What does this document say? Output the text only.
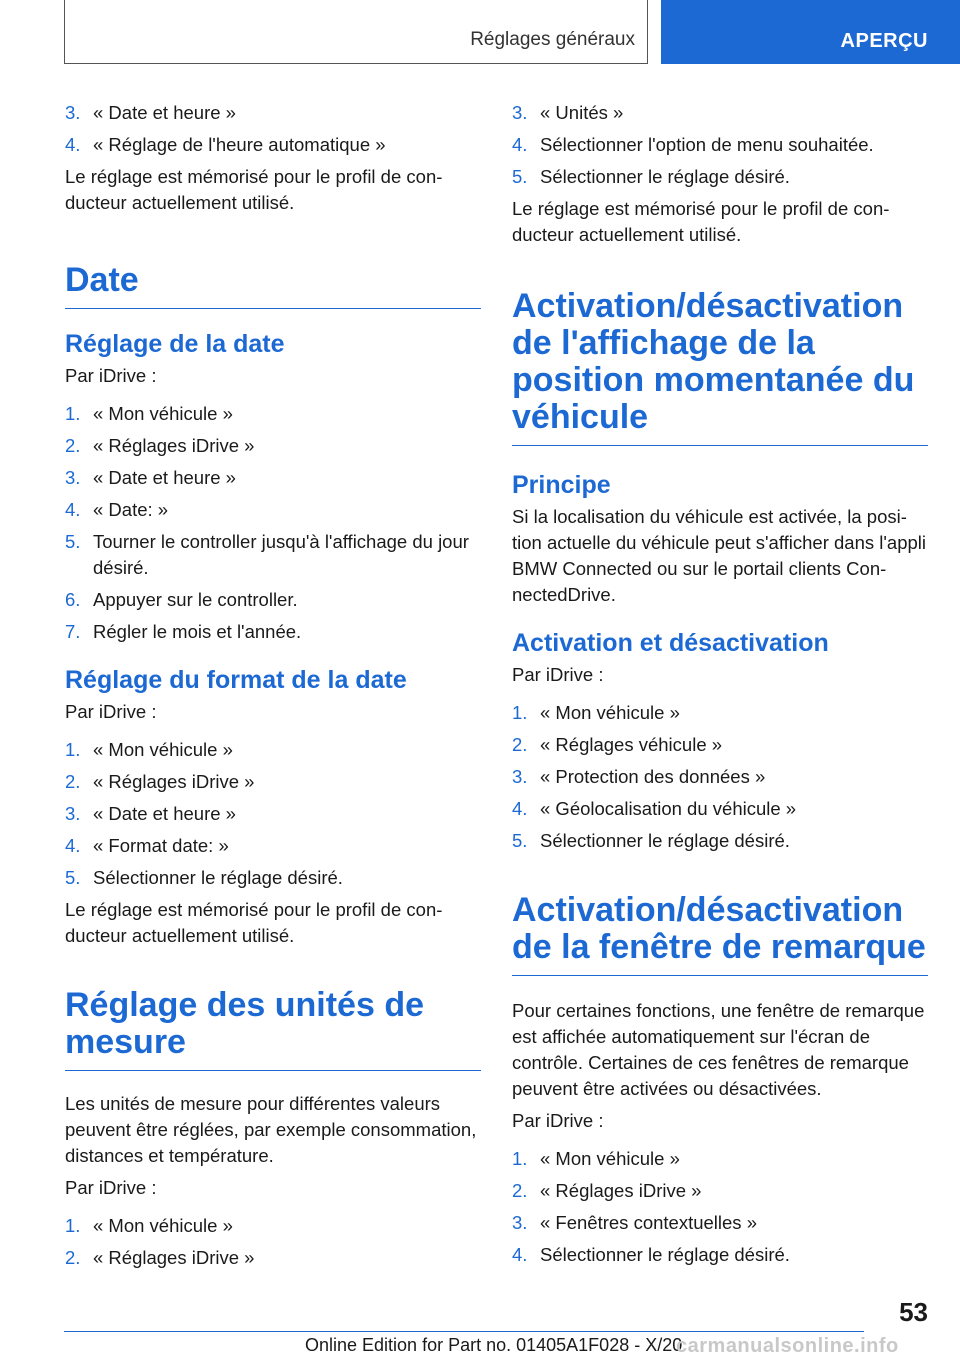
Réglages généraux	APERÇU
3. « Date et heure »
4. « Réglage de l'heure automatique »

Le réglage est mémorisé pour le profil de conducteur actuellement utilisé.

Date
Réglage de la date

Par iDrive :

1. « Mon véhicule »
2. « Réglages iDrive »
3. « Date et heure »
4. « Date: »
5. Tourner le controller jusqu'à l'affichage du jour désiré.
6. Appuyer sur le controller.
7. Régler le mois et l'année.
Réglage du format de la date

Par iDrive :

1. « Mon véhicule »
2. « Réglages iDrive »
3. « Date et heure »
4. « Format date: »
5. Sélectionner le réglage désiré.

Le réglage est mémorisé pour le profil de conducteur actuellement utilisé.

Réglage des unités de mesure

Les unités de mesure pour différentes valeurs peuvent être réglées, par exemple consommation, distances et température.

Par iDrive :

1. « Mon véhicule »
2. « Réglages iDrive »
3. « Unités »
4. Sélectionner l'option de menu souhaitée.
5. Sélectionner le réglage désiré.

Le réglage est mémorisé pour le profil de conducteur actuellement utilisé.

Activation/désactivation de l'affichage de la position momentanée du véhicule
Principe

Si la localisation du véhicule est activée, la position actuelle du véhicule peut s'afficher dans l'appli BMW Connected ou sur le portail clients ConnectedDrive.

Activation et désactivation

Par iDrive :

1. « Mon véhicule »
2. « Réglages véhicule »
3. « Protection des données »
4. « Géolocalisation du véhicule »
5. Sélectionner le réglage désiré.
Activation/désactivation de la fenêtre de remarque

Pour certaines fonctions, une fenêtre de remarque est affichée automatiquement sur l'écran de contrôle. Certaines de ces fenêtres de remarque peuvent être activées ou désactivées.

Par iDrive :

1. « Mon véhicule »
2. « Réglages iDrive »
3. « Fenêtres contextuelles »
4. Sélectionner le réglage désiré.
53
Online Edition for Part no. 01405A1F028 - X/20
carmanualsonline.info
